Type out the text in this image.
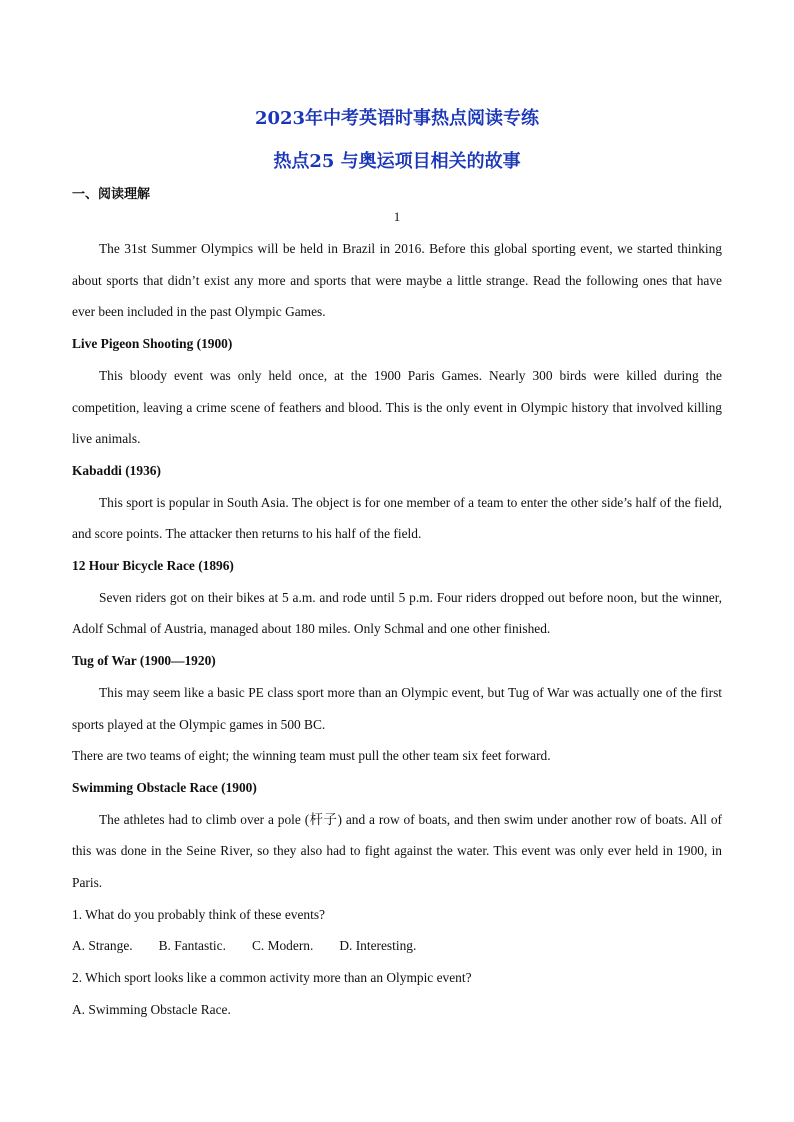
2023年中考英语时事热点阅读专练
热点25 与奥运项目相关的故事

一、阅读理解

1

The 31st Summer Olympics will be held in Brazil in 2016. Before this global sporting event, we started thinking about sports that didn’t exist any more and sports that were maybe a little strange. Read the following ones that have ever been included in the past Olympic Games.

Live Pigeon Shooting (1900)

This bloody event was only held once, at the 1900 Paris Games. Nearly 300 birds were killed during the competition, leaving a crime scene of feathers and blood. This is the only event in Olympic history that involved killing live animals.

Kabaddi (1936)

This sport is popular in South Asia. The object is for one member of a team to enter the other side’s half of the field, and score points. The attacker then returns to his half of the field.

12 Hour Bicycle Race (1896)

Seven riders got on their bikes at 5 a.m. and rode until 5 p.m. Four riders dropped out before noon, but the winner, Adolf Schmal of Austria, managed about 180 miles. Only Schmal and one other finished.

Tug of War (1900—1920)

This may seem like a basic PE class sport more than an Olympic event, but Tug of War was actually one of the first sports played at the Olympic games in 500 BC.

There are two teams of eight; the winning team must pull the other team six feet forward.

Swimming Obstacle Race (1900)

The athletes had to climb over a pole (杆子) and a row of boats, and then swim under another row of boats. All of this was done in the Seine River, so they also had to fight against the water. This event was only ever held in 1900, in Paris.

1. What do you probably think of these events?

A. Strange. B. Fantastic. C. Modern. D. Interesting.

2. Which sport looks like a common activity more than an Olympic event?

A. Swimming Obstacle Race.
